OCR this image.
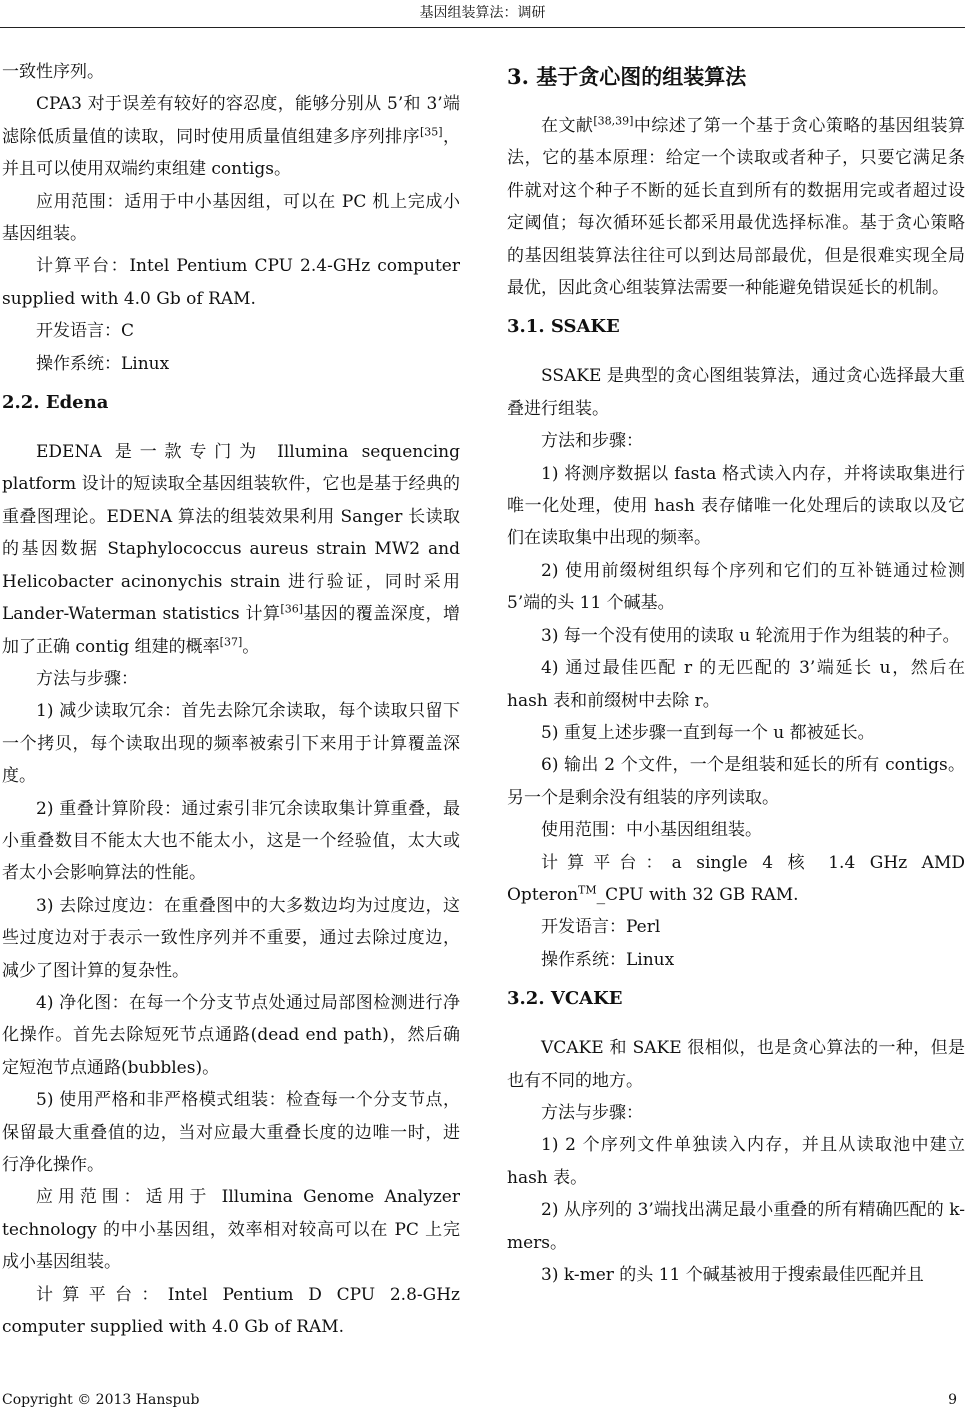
基因组装算法：调研

一致性序列。

CPA3 对于误差有较好的容忍度，能够分别从 5’和 3’端滤除低质量值的读取，同时使用质量值组建多序列排序[35]，并且可以使用双端约束组建 contigs。

应用范围：适用于中小基因组，可以在 PC 机上完成小基因组装。

计算平台：Intel Pentium CPU 2.4-GHz computer supplied with 4.0 Gb of RAM.

开发语言：C

操作系统：Linux

2.2. Edena

EDENA 是一款专门为 Illumina sequencing platform 设计的短读取全基因组装软件，它也是基于经典的重叠图理论。EDENA 算法的组装效果利用 Sanger 长读取的基因数据 Staphylococcus aureus strain MW2 and Helicobacter acinonychis strain 进行验证，同时采用 Lander-Waterman statistics 计算[36]基因的覆盖深度，增加了正确 contig 组建的概率[37]。

方法与步骤：

1) 减少读取冗余：首先去除冗余读取，每个读取只留下一个拷贝，每个读取出现的频率被索引下来用于计算覆盖深度。

2) 重叠计算阶段：通过索引非冗余读取集计算重叠，最小重叠数目不能太大也不能太小，这是一个经验值，太大或者太小会影响算法的性能。

3) 去除过度边：在重叠图中的大多数边均为过度边，这些过度边对于表示一致性序列并不重要，通过去除过度边，减少了图计算的复杂性。

4) 净化图：在每一个分支节点处通过局部图检测进行净化操作。首先去除短死节点通路(dead end path)，然后确定短泡节点通路(bubbles)。

5) 使用严格和非严格模式组装：检查每一个分支节点，保留最大重叠值的边，当对应最大重叠长度的边唯一时，进行净化操作。

应用范围：适用于 Illumina Genome Analyzer technology 的中小基因组，效率相对较高可以在 PC 上完成小基因组装。

计算平台：Intel Pentium D CPU 2.8-GHz computer supplied with 4.0 Gb of RAM.

3. 基于贪心图的组装算法

在文献[38,39]中综述了第一个基于贪心策略的基因组装算法，它的基本原理：给定一个读取或者种子，只要它满足条件就对这个种子不断的延长直到所有的数据用完或者超过设定阈值；每次循环延长都采用最优选择标准。基于贪心策略的基因组装算法往往可以到达局部最优，但是很难实现全局最优，因此贪心组装算法需要一种能避免错误延长的机制。

3.1. SSAKE

SSAKE 是典型的贪心图组装算法，通过贪心选择最大重叠进行组装。

方法和步骤：

1) 将测序数据以 fasta 格式读入内存，并将读取集进行唯一化处理，使用 hash 表存储唯一化处理后的读取以及它们在读取集中出现的频率。

2) 使用前缀树组织每个序列和它们的互补链通过检测 5’端的头 11 个碱基。

3) 每一个没有使用的读取 u 轮流用于作为组装的种子。

4) 通过最佳匹配 r 的无匹配的 3’端延长 u，然后在 hash 表和前缀树中去除 r。

5) 重复上述步骤一直到每一个 u 都被延长。

6) 输出 2 个文件，一个是组装和延长的所有 contigs。另一个是剩余没有组装的序列读取。

使用范围：中小基因组组装。

计算平台：a single 4 核 1.4 GHz AMD Opteron™_CPU with 32 GB RAM.

开发语言：Perl

操作系统：Linux

3.2. VCAKE

VCAKE 和 SAKE 很相似，也是贪心算法的一种，但是也有不同的地方。

方法与步骤：

1) 2 个序列文件单独读入内存，并且从读取池中建立 hash 表。

2) 从序列的 3’端找出满足最小重叠的所有精确匹配的 k-mers。

3) k-mer 的头 11 个碱基被用于搜索最佳匹配并且

Copyright © 2013 Hanspub	9
